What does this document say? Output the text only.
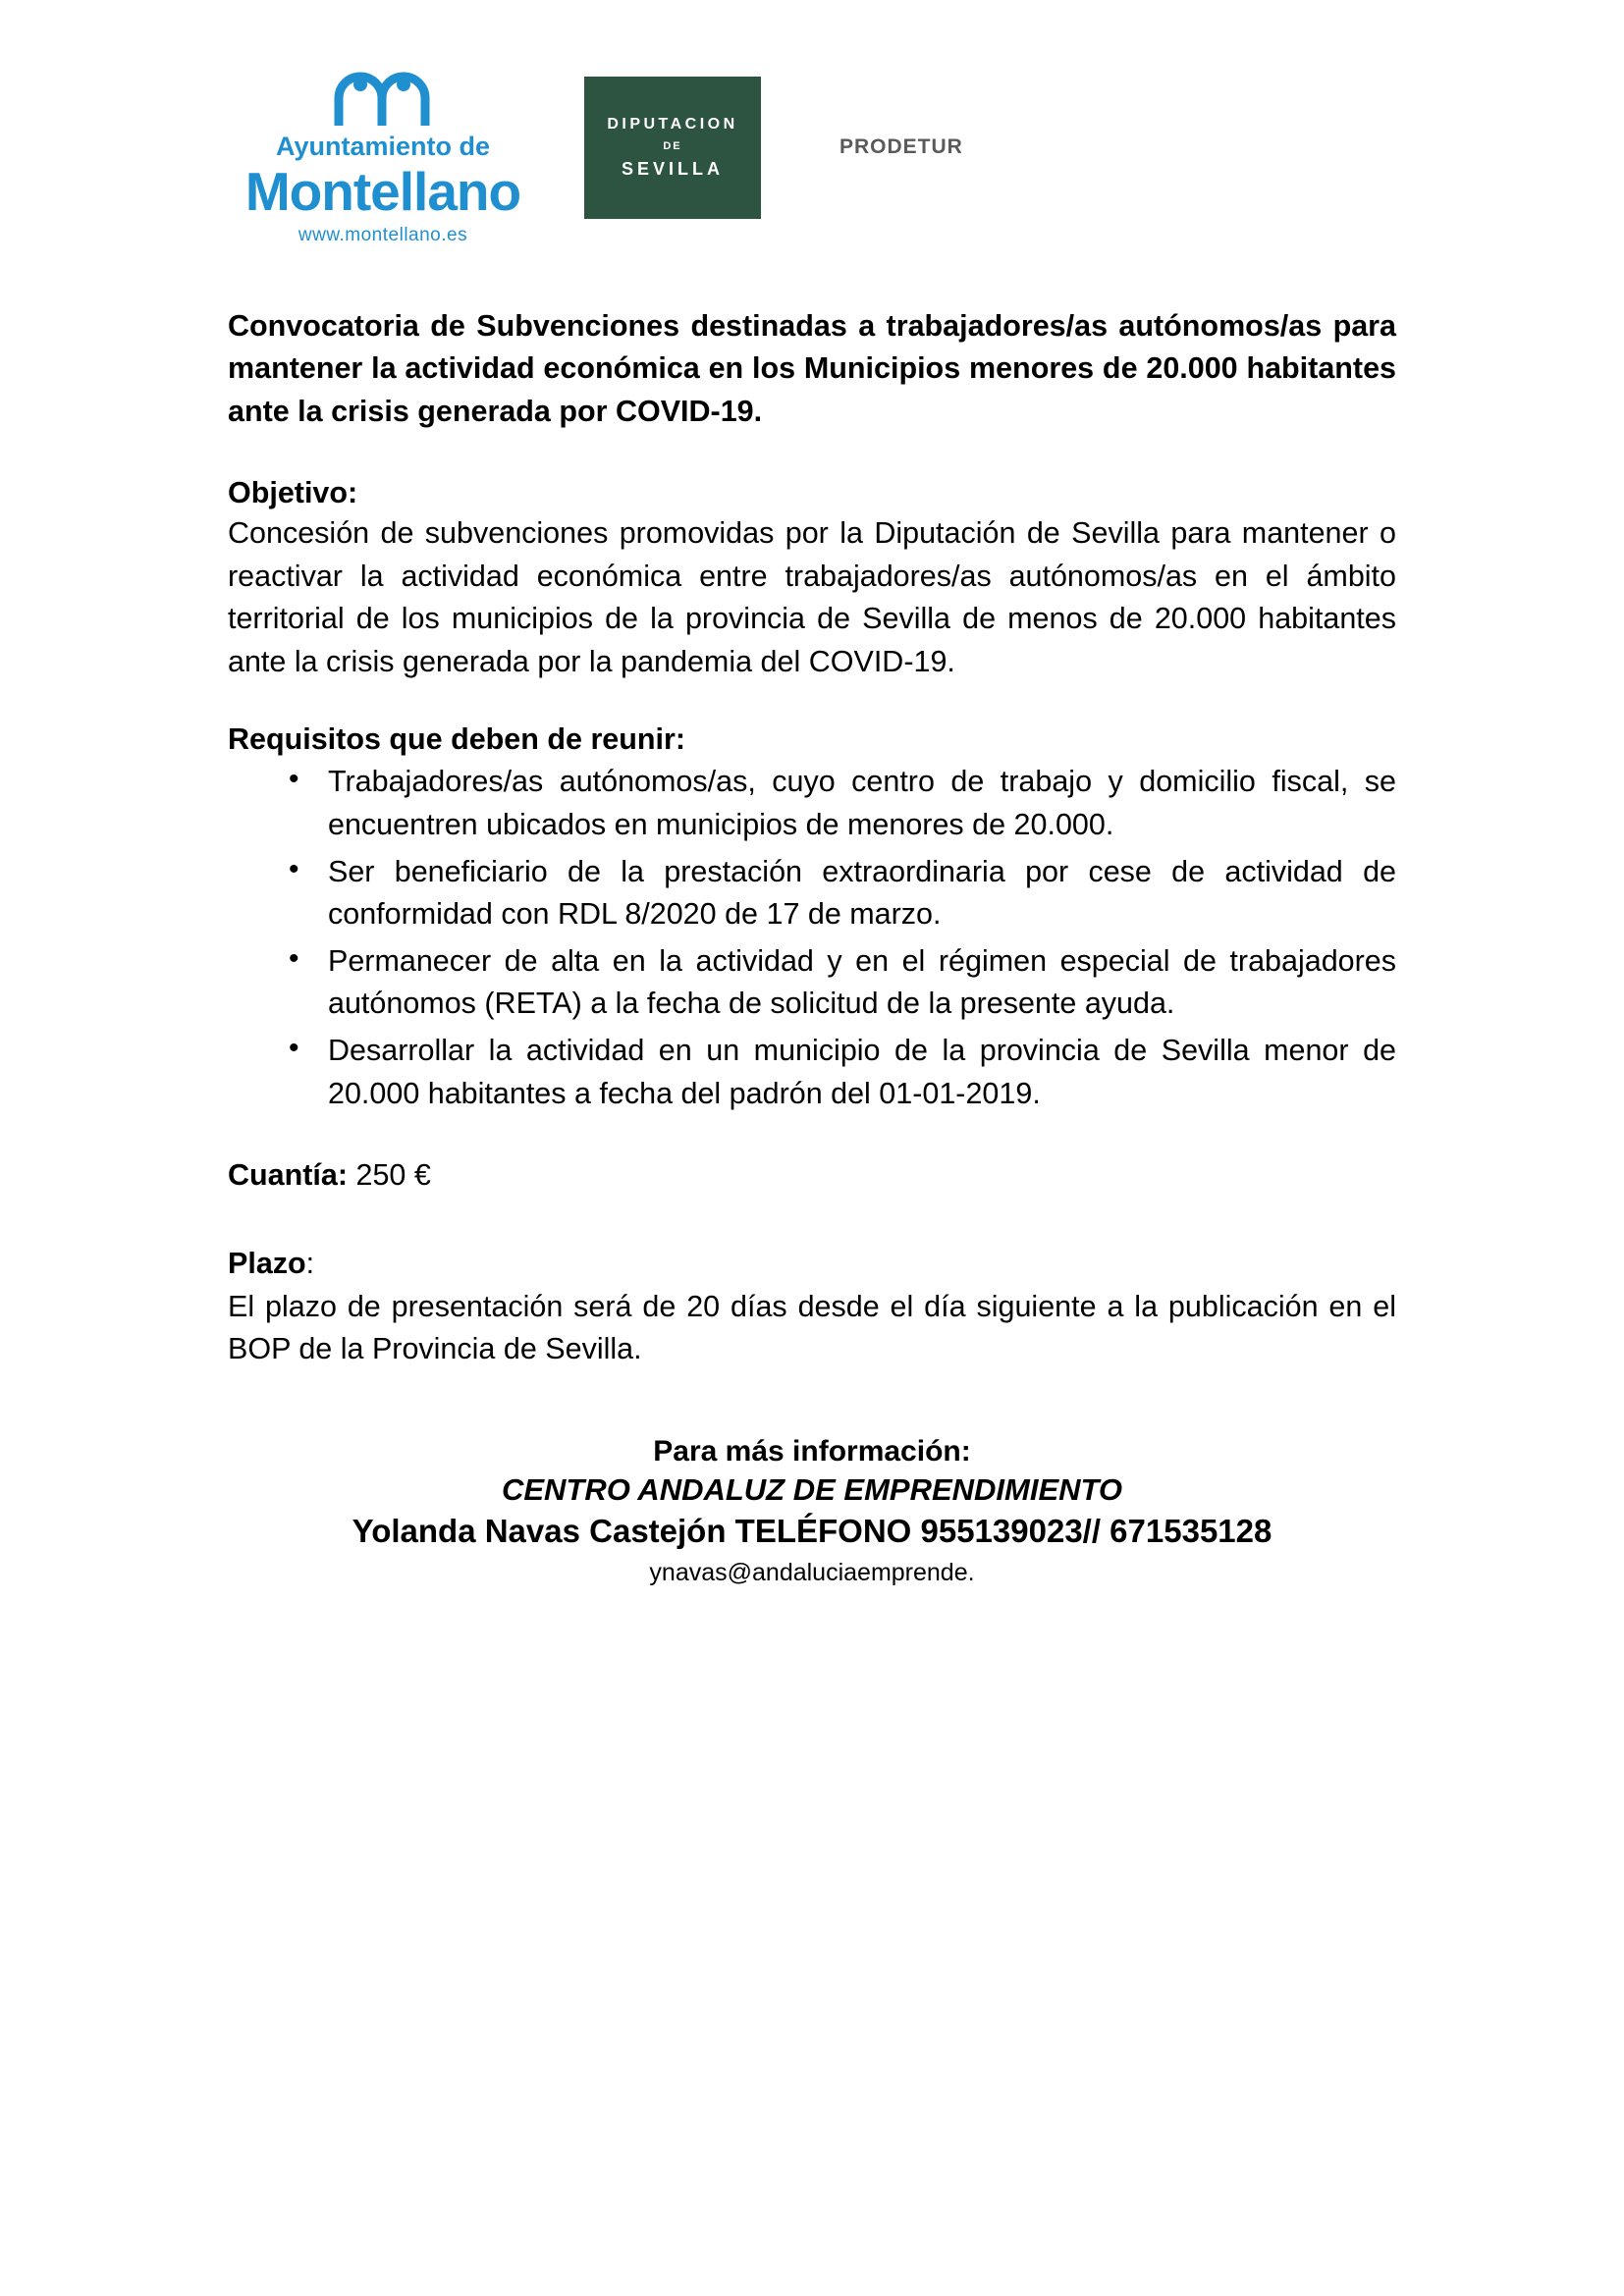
Ayuntamiento de
Montellano
www.montellano.es
DIPUTACION
DE
SEVILLA
PRODETUR
Convocatoria de Subvenciones destinadas a trabajadores/as autónomos/as para mantener la actividad económica en los Municipios menores de 20.000 habitantes ante la crisis generada por COVID-19.
Objetivo:

Concesión de subvenciones promovidas por la Diputación de Sevilla para mantener o reactivar la actividad económica entre trabajadores/as autónomos/as en el ámbito territorial de los municipios de la provincia de Sevilla de menos de 20.000 habitantes ante la crisis generada por la pandemia del COVID-19.

Requisitos que deben de reunir:
• Trabajadores/as autónomos/as, cuyo centro de trabajo y domicilio fiscal, se encuentren ubicados en municipios de menores de 20.000.
• Ser beneficiario de la prestación extraordinaria por cese de actividad de conformidad con RDL 8/2020 de 17 de marzo.
• Permanecer de alta en la actividad y en el régimen especial de trabajadores autónomos (RETA) a la fecha de solicitud de la presente ayuda.
• Desarrollar la actividad en un municipio de la provincia de Sevilla menor de 20.000 habitantes a fecha del padrón del 01-01-2019.

Cuantía: 250 €

Plazo:

El plazo de presentación será de 20 días desde el día siguiente a la publicación en el BOP de la Provincia de Sevilla.

Para más información:
CENTRO ANDALUZ DE EMPRENDIMIENTO
Yolanda Navas Castejón TELÉFONO 955139023// 671535128
ynavas@andaluciaemprende.
